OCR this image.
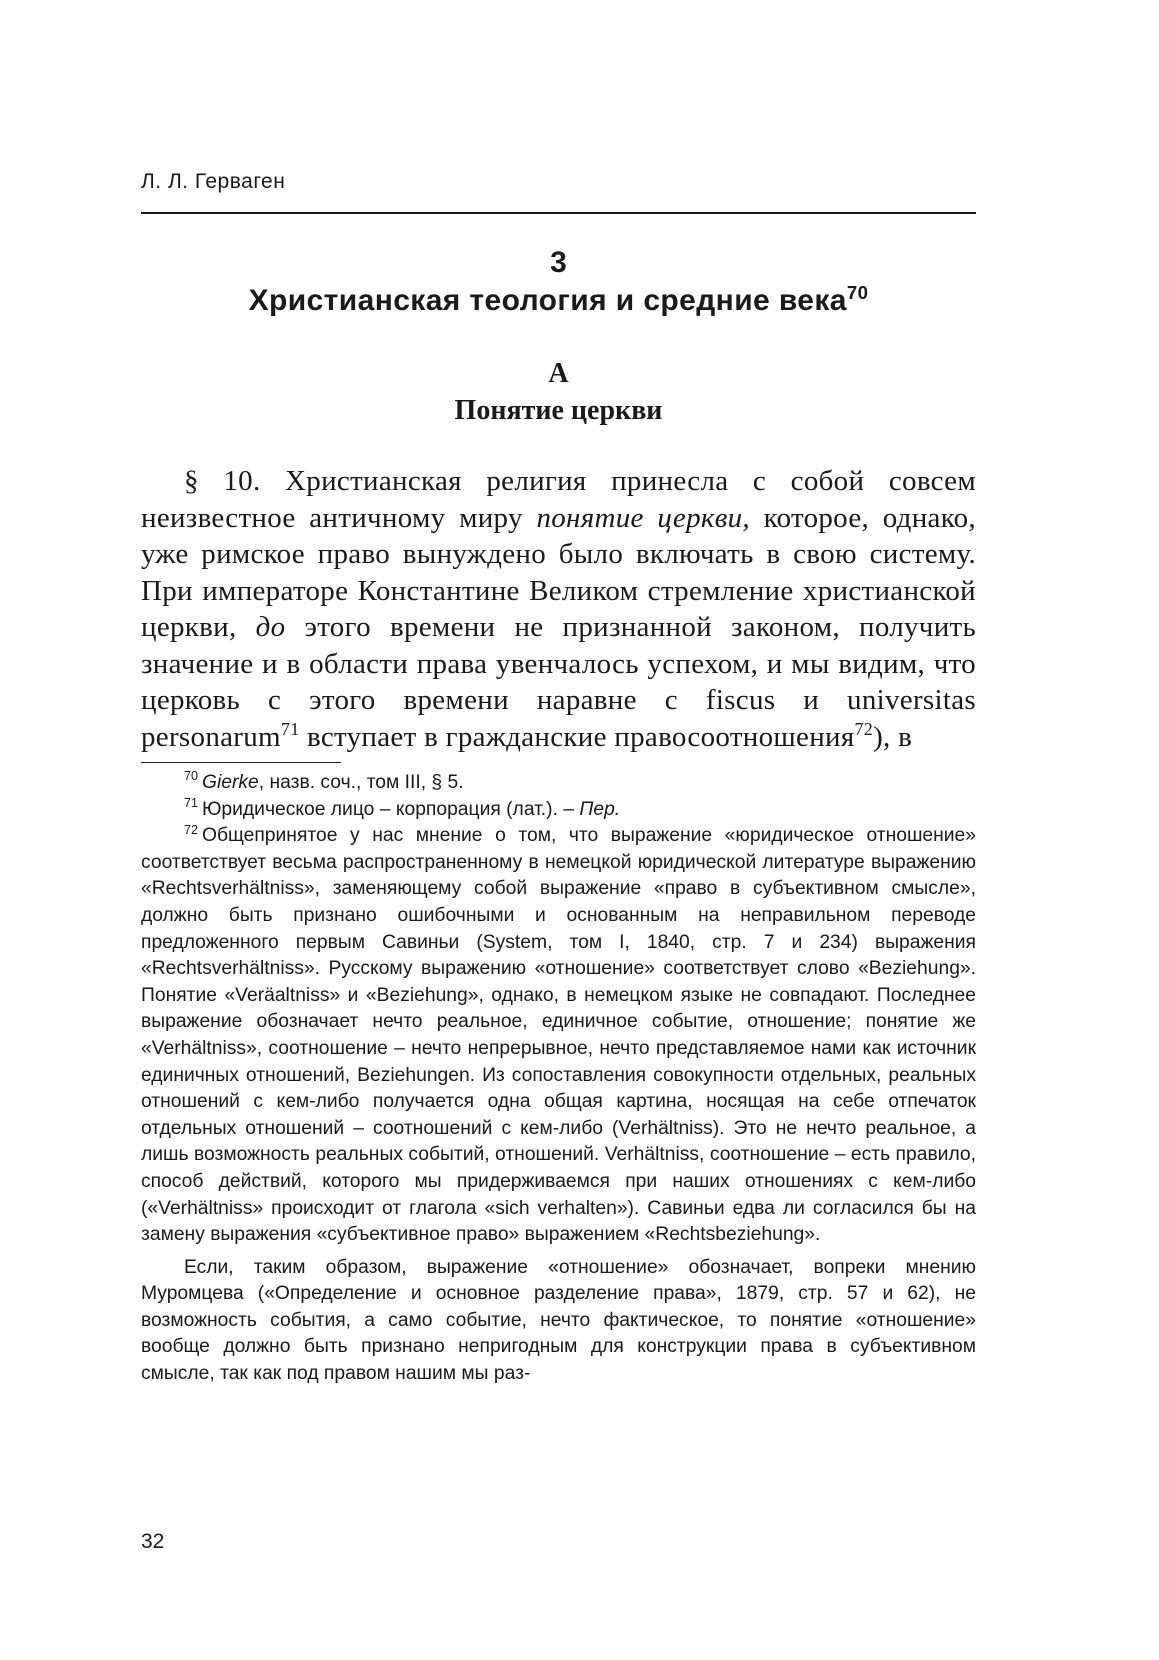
Л. Л. Герваген
3
Христианская теология и средние века$^{70}$
А
Понятие церкви

§ 10. Христианская религия принесла с собой совсем неизвестное античному миру понятие церкви, которое, однако, уже римское право вынуждено было включать в свою систему. При императоре Константине Великом стремление христианской церкви, до этого времени не признанной законом, получить значение и в области права увенчалось успехом, и мы видим, что церковь с этого времени наравне с fiscus и universitas personarum$^{71}$ вступает в гражданские правосоотношения$^{72}$), в

$^{70}$ Gierke, назв. соч., том III, § 5.

$^{71}$ Юридическое лицо – корпорация (лат.). – Пер.

$^{72}$ Общепринятое у нас мнение о том, что выражение «юридическое отношение» соответствует весьма распространенному в немецкой юридической литературе выражению «Rechtsverhältniss», заменяющему собой выражение «право в субъективном смысле», должно быть признано ошибочными и основанным на неправильном переводе предложенного первым Савиньи (System, том I, 1840, стр. 7 и 234) выражения «Rechtsverhältniss». Русскому выражению «отношение» соответствует слово «Beziehung». Понятие «Veräaltniss» и «Beziehung», однако, в немецком языке не совпадают. Последнее выражение обозначает нечто реальное, единичное событие, отношение; понятие же «Verhältniss», соотношение – нечто непрерывное, нечто представляемое нами как источник единичных отношений, Beziehungen. Из сопоставления совокупности отдельных, реальных отношений с кем-либо получается одна общая картина, носящая на себе отпечаток отдельных отношений – соотношений с кем-либо (Verhältniss). Это не нечто реальное, а лишь возможность реальных событий, отношений. Verhältniss, соотношение – есть правило, способ действий, которого мы придерживаемся при наших отношениях с кем-либо («Verhältniss» происходит от глагола «sich verhalten»). Савиньи едва ли согласился бы на замену выражения «субъективное право» выражением «Rechtsbeziehung».

Если, таким образом, выражение «отношение» обозначает, вопреки мнению Муромцева («Определение и основное разделение права», 1879, стр. 57 и 62), не возможность события, а само событие, нечто фактическое, то понятие «отношение» вообще должно быть признано непригодным для конструкции права в субъективном смысле, так как под правом нашим мы раз-

32
